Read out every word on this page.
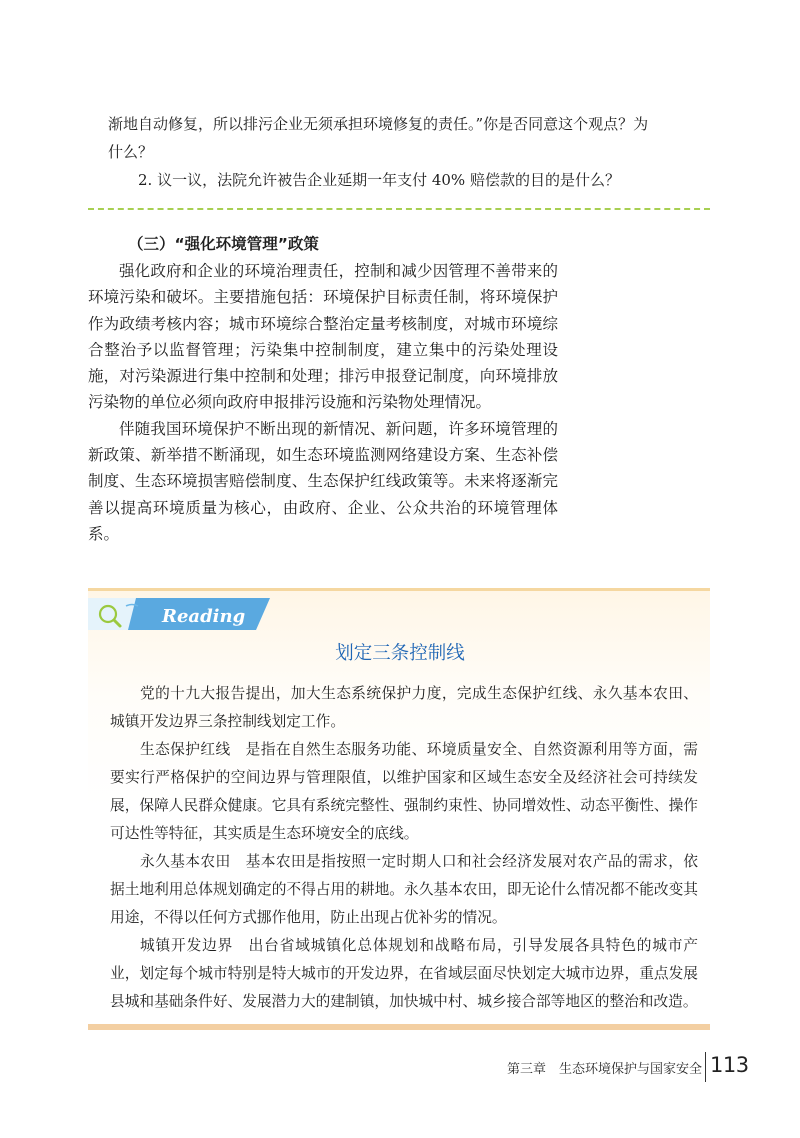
渐地自动修复，所以排污企业无须承担环境修复的责任。”你是否同意这个观点？为

什么？

2. 议一议，法院允许被告企业延期一年支付 40% 赔偿款的目的是什么？

（三）“强化环境管理”政策

强化政府和企业的环境治理责任，控制和减少因管理不善带来的环境污染和破坏。主要措施包括：环境保护目标责任制，将环境保护作为政绩考核内容；城市环境综合整治定量考核制度，对城市环境综合整治予以监督管理；污染集中控制制度，建立集中的污染处理设施，对污染源进行集中控制和处理；排污申报登记制度，向环境排放污染物的单位必须向政府申报排污设施和污染物处理情况。

伴随我国环境保护不断出现的新情况、新问题，许多环境管理的新政策、新举措不断涌现，如生态环境监测网络建设方案、生态补偿制度、生态环境损害赔偿制度、生态保护红线政策等。未来将逐渐完善以提高环境质量为核心，由政府、企业、公众共治的环境管理体系。

Reading
划定三条控制线

党的十九大报告提出，加大生态系统保护力度，完成生态保护红线、永久基本农田、城镇开发边界三条控制线划定工作。

生态保护红线　是指在自然生态服务功能、环境质量安全、自然资源利用等方面，需要实行严格保护的空间边界与管理限值，以维护国家和区域生态安全及经济社会可持续发展，保障人民群众健康。它具有系统完整性、强制约束性、协同增效性、动态平衡性、操作可达性等特征，其实质是生态环境安全的底线。

永久基本农田　基本农田是指按照一定时期人口和社会经济发展对农产品的需求，依据土地利用总体规划确定的不得占用的耕地。永久基本农田，即无论什么情况都不能改变其用途，不得以任何方式挪作他用，防止出现占优补劣的情况。

城镇开发边界　出台省域城镇化总体规划和战略布局，引导发展各具特色的城市产业，划定每个城市特别是特大城市的开发边界，在省域层面尽快划定大城市边界，重点发展县城和基础条件好、发展潜力大的建制镇，加快城中村、城乡接合部等地区的整治和改造。

第三章　生态环境保护与国家安全 113
